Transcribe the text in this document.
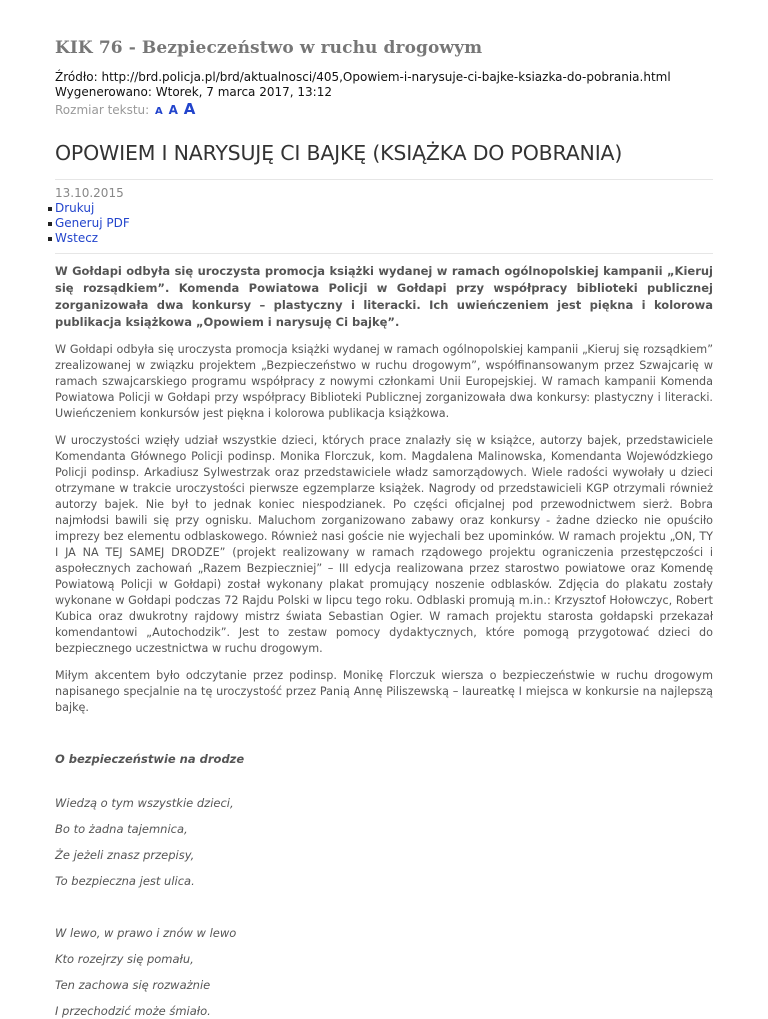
KIK 76 - Bezpieczeństwo w ruchu drogowym
Źródło: http://brd.policja.pl/brd/aktualnosci/405,Opowiem-i-narysuje-ci-bajke-ksiazka-do-pobrania.html
Wygenerowano: Wtorek, 7 marca 2017, 13:12
Rozmiar tekstu: A A A
OPOWIEM I NARYSUJĘ CI BAJKĘ (KSIĄŻKA DO POBRANIA)
13.10.2015
Drukuj
Generuj PDF
Wstecz

W Gołdapi odbyła się uroczysta promocja książki wydanej w ramach ogólnopolskiej kampanii „Kieruj się rozsądkiem”. Komenda Powiatowa Policji w Gołdapi przy współpracy biblioteki publicznej zorganizowała dwa konkursy – plastyczny i literacki. Ich uwieńczeniem jest piękna i kolorowa publikacja książkowa „Opowiem i narysuję Ci bajkę”.

W Gołdapi odbyła się uroczysta promocja książki wydanej w ramach ogólnopolskiej kampanii „Kieruj się rozsądkiem” zrealizowanej w związku projektem „Bezpieczeństwo w ruchu drogowym”, współfinansowanym przez Szwajcarię w ramach szwajcarskiego programu współpracy z nowymi członkami Unii Europejskiej. W ramach kampanii Komenda Powiatowa Policji w Gołdapi przy współpracy Biblioteki Publicznej zorganizowała dwa konkursy: plastyczny i literacki. Uwieńczeniem konkursów jest piękna i kolorowa publikacja książkowa.

W uroczystości wzięły udział wszystkie dzieci, których prace znalazły się w książce, autorzy bajek, przedstawiciele Komendanta Głównego Policji podinsp. Monika Florczuk, kom. Magdalena Malinowska, Komendanta Wojewódzkiego Policji podinsp. Arkadiusz Sylwestrzak oraz przedstawiciele władz samorządowych. Wiele radości wywołały u dzieci otrzymane w trakcie uroczystości pierwsze egzemplarze książek. Nagrody od przedstawicieli KGP otrzymali również autorzy bajek. Nie był to jednak koniec niespodzianek. Po części oficjalnej pod przewodnictwem sierż. Bobra najmłodsi bawili się przy ognisku. Maluchom zorganizowano zabawy oraz konkursy - żadne dziecko nie opuściło imprezy bez elementu odblaskowego. Również nasi goście nie wyjechali bez upominków. W ramach projektu „ON, TY I JA NA TEJ SAMEJ DRODZE” (projekt realizowany w ramach rządowego projektu ograniczenia przestępczości i aspołecznych zachowań „Razem Bezpieczniej” – III edycja realizowana przez starostwo powiatowe oraz Komendę Powiatową Policji w Gołdapi) został wykonany plakat promujący noszenie odblasków. Zdjęcia do plakatu zostały wykonane w Gołdapi podczas 72 Rajdu Polski w lipcu tego roku. Odblaski promują m.in.: Krzysztof Hołowczyc, Robert Kubica oraz dwukrotny rajdowy mistrz świata Sebastian Ogier. W ramach projektu starosta gołdapski przekazał komendantowi „Autochodzik”. Jest to zestaw pomocy dydaktycznych, które pomogą przygotować dzieci do bezpiecznego uczestnictwa w ruchu drogowym.

Miłym akcentem było odczytanie przez podinsp. Monikę Florczuk wiersza o bezpieczeństwie w ruchu drogowym napisanego specjalnie na tę uroczystość przez Panią Annę Piliszewską – laureatkę I miejsca w konkursie na najlepszą bajkę.

O bezpieczeństwie na drodze

Wiedzą o tym wszystkie dzieci,

Bo to żadna tajemnica,

Że jeżeli znasz przepisy,

To bezpieczna jest ulica.

W lewo, w prawo i znów w lewo

Kto rozejrzy się pomału,

Ten zachowa się rozważnie

I przechodzić może śmiało.
